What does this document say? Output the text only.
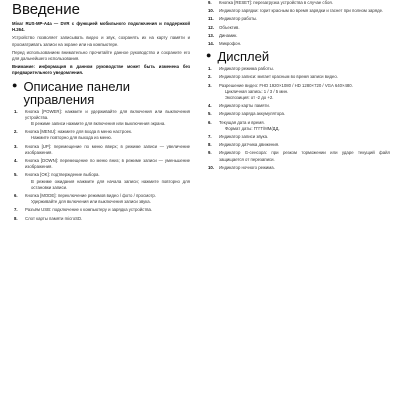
Введение

Mivar RUS-MP-A4a — DVR с функцией мобильного подключения и поддержкой H.264.

Устройство позволяет записывать видео и звук, сохранять их на карту памяти и просматривать записи на экране или на компьютере.

Перед использованием внимательно прочитайте данное руководство и сохраните его для дальнейшего использования.

Внимание: информация в данном руководстве может быть изменена без предварительного уведомления.

● Описание панели управления
1. Кнопка [POWER]: нажмите и удерживайте для включения или выключения устройства.
В режиме записи нажмите для включения или выключения экрана.
2. Кнопка [MENU]: нажмите для входа в меню настроек.
Нажмите повторно для выхода из меню.
3. Кнопка [UP]: перемещение по меню вверх; в режиме записи — увеличение изображения.
4. Кнопка [DOWN]: перемещение по меню вниз; в режиме записи — уменьшение изображения.
5. Кнопка [OK]: подтверждение выбора.
В режиме ожидания нажмите для начала записи; нажмите повторно для остановки записи.
6. Кнопка [MODE]: переключение режимов видео / фото / просмотр.
Удерживайте для включения или выключения записи звука.
7. Разъём USB: подключение к компьютеру и зарядка устройства.
8. Слот карты памяти microSD.
9. Кнопка [RESET]: перезагрузка устройства в случае сбоя.
10. Индикатор зарядки: горит красным во время зарядки и гаснет при полном заряде.
11. Индикатор работы.
12. Объектив.
13. Динамик.
14. Микрофон.
● Дисплей
1. Индикатор режима работы.
2. Индикатор записи: мигает красным во время записи видео.
3. Разрешение видео: FHD 1920×1080 / HD 1280×720 / VGA 640×480.
Цикличная запись: 1 / 3 / 5 мин.
Экспозиция: от -2 до +2.
4. Индикатор карты памяти.
5. Индикатор заряда аккумулятора.
6. Текущая дата и время.
Формат даты: ГГГГ/ММ/ДД.
7. Индикатор записи звука.
8. Индикатор датчика движения.
9. Индикатор G-сенсора: при резком торможении или ударе текущий файл защищается от перезаписи.
10. Индикатор ночного режима.
